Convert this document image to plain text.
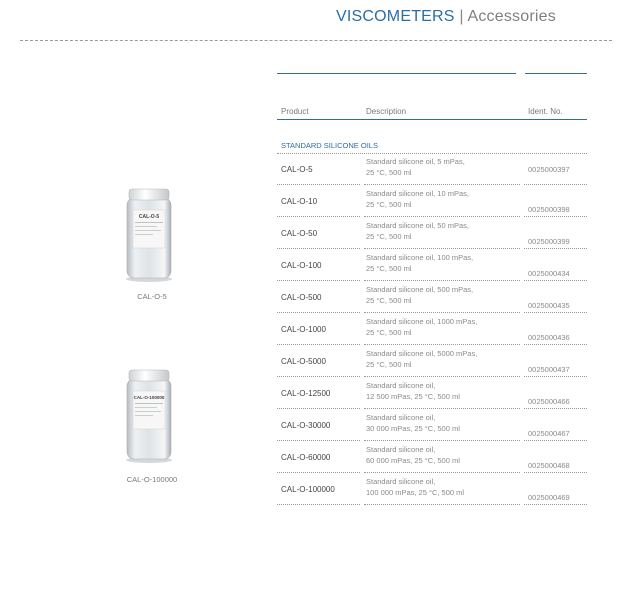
VISCOMETERS | Accessories
Product	Description	Ident. No.
STANDARD SILICONE OILS
CAL-O-5
Standard silicone oil, 5 mPas,
25 °C, 500 ml	0025000397
CAL-O-10
Standard silicone oil, 10 mPas,
25 °C, 500 ml
0025000398
CAL-O-50
Standard silicone oil, 50 mPas,
25 °C, 500 ml
0025000399
CAL-O-100
Standard silicone oil, 100 mPas,
25 °C, 500 ml
0025000434
CAL-O-500
Standard silicone oil, 500 mPas,
25 °C, 500 ml
0025000435
CAL-O-1000
Standard silicone oil, 1000 mPas,
25 °C, 500 ml
0025000436
CAL-O-5000
Standard silicone oil, 5000 mPas,
25 °C, 500 ml
0025000437
CAL-O-12500
Standard silicone oil,
12 500 mPas, 25 °C, 500 ml
0025000466
CAL-O-30000
Standard silicone oil,
30 000 mPas, 25 °C, 500 ml
0025000467
CAL-O-60000
Standard silicone oil,
60 000 mPas, 25 °C, 500 ml
0025000468
CAL-O-100000
Standard silicone oil,
100 000 mPas, 25 °C, 500 ml
0025000469
CAL-O-5
CAL-O-5
CAL-O-100000
CAL-O-100000
